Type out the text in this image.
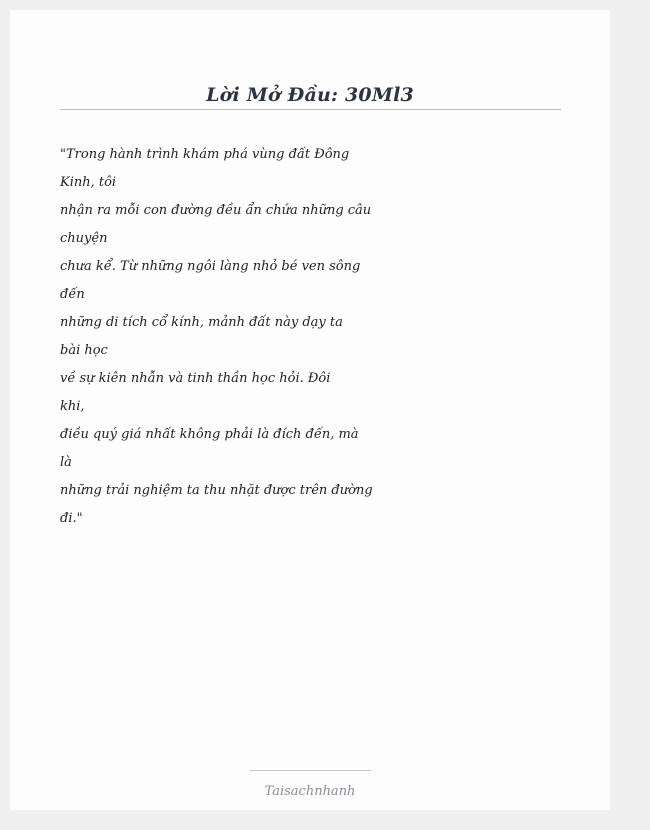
Lời Mở Đầu: 30Ml3

"Trong hành trình khám phá vùng đất Đông
Kinh, tôi
nhận ra mỗi con đường đều ẩn chứa những câu
chuyện
chưa kể. Từ những ngôi làng nhỏ bé ven sông
đến
những di tích cổ kính, mảnh đất này dạy ta
bài học
về sự kiên nhẫn và tinh thần học hỏi. Đôi
khi,
điều quý giá nhất không phải là đích đến, mà
là
những trải nghiệm ta thu nhặt được trên đường
đi."

Taisachnhanh
